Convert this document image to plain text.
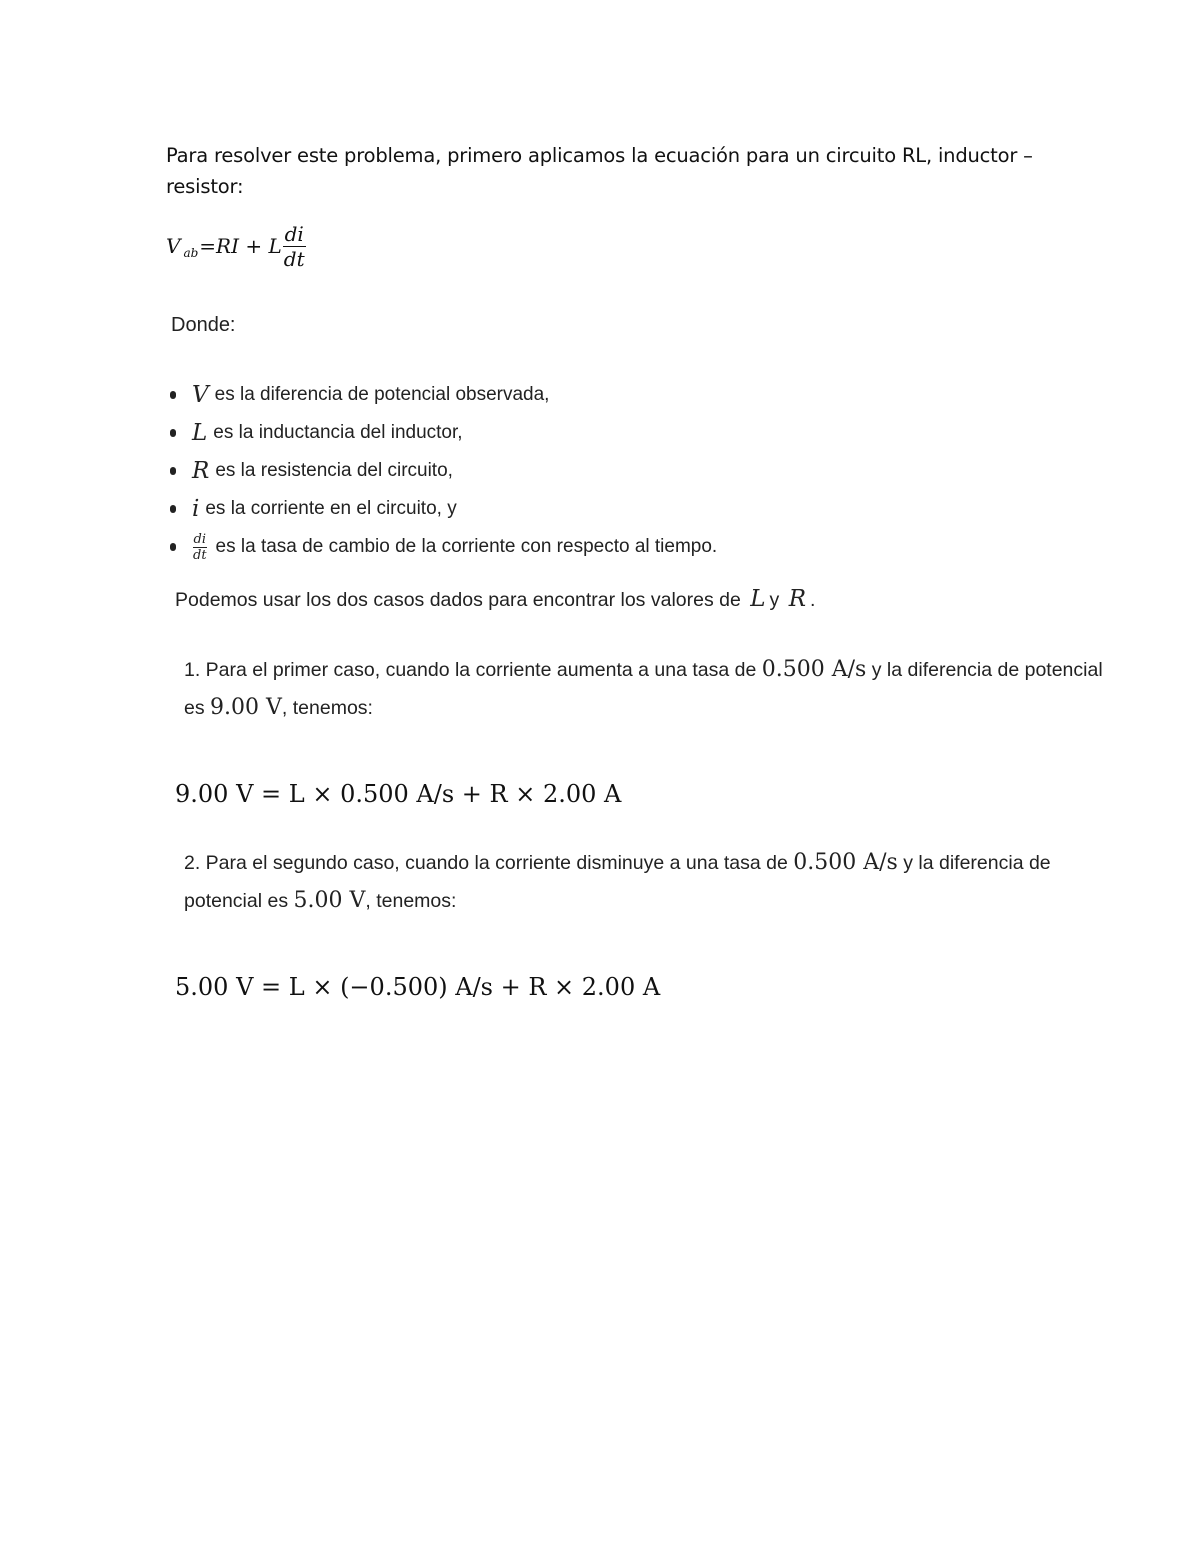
Para resolver este problema, primero aplicamos la ecuación para un circuito RL, inductor – resistor:
V ab =RI + L $\frac{di}{dt}$
Donde:
V es la diferencia de potencial observada,
L es la inductancia del inductor,
R es la resistencia del circuito,
i es la corriente en el circuito, y
$\frac{di}{dt}$ es la tasa de cambio de la corriente con respecto al tiempo.
Podemos usar los dos casos dados para encontrar los valores de L y R .
1. Para el primer caso, cuando la corriente aumenta a una tasa de 0.500 A/s y la diferencia de potencial es 9.00 V, tenemos:
9.00 V = L × 0.500 A/s + R × 2.00 A
2. Para el segundo caso, cuando la corriente disminuye a una tasa de 0.500 A/s y la diferencia de potencial es 5.00 V, tenemos:
5.00 V = L × (−0.500) A/s + R × 2.00 A
